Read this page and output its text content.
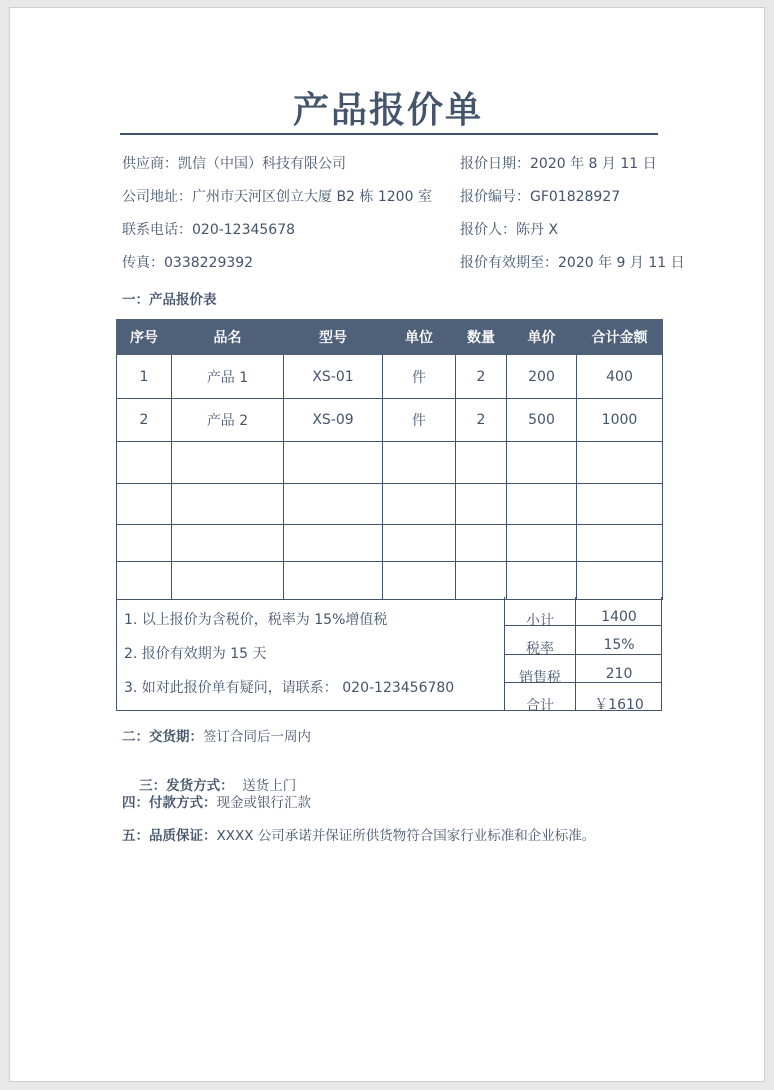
产品报价单
供应商：凯信（中国）科技有限公司
公司地址：广州市天河区创立大厦 B2 栋 1200 室
联系电话：020-12345678
传真：0338229392
报价日期：2020 年 8 月 11 日
报价编号：GF01828927
报价人：陈丹 X
报价有效期至：2020 年 9 月 11 日
一：产品报价表
序号	品名	型号	单位	数量	单价	合计金额
1	产品 1	XS-01	件	2	200	400
2	产品 2	XS-09	件	2	500	1000

1. 以上报价为含税价，税率为 15%增值税
2. 报价有效期为 15 天
3. 如对此报价单有疑问，请联系： 020-123456780
小计	1400
税率	15%
销售税	210
合计	￥1610
二：交货期：签订合同后一周内

三：发货方式：  送货上门

四：付款方式：现金或银行汇款
五：品质保证：XXXX 公司承诺并保证所供货物符合国家行业标准和企业标准。
